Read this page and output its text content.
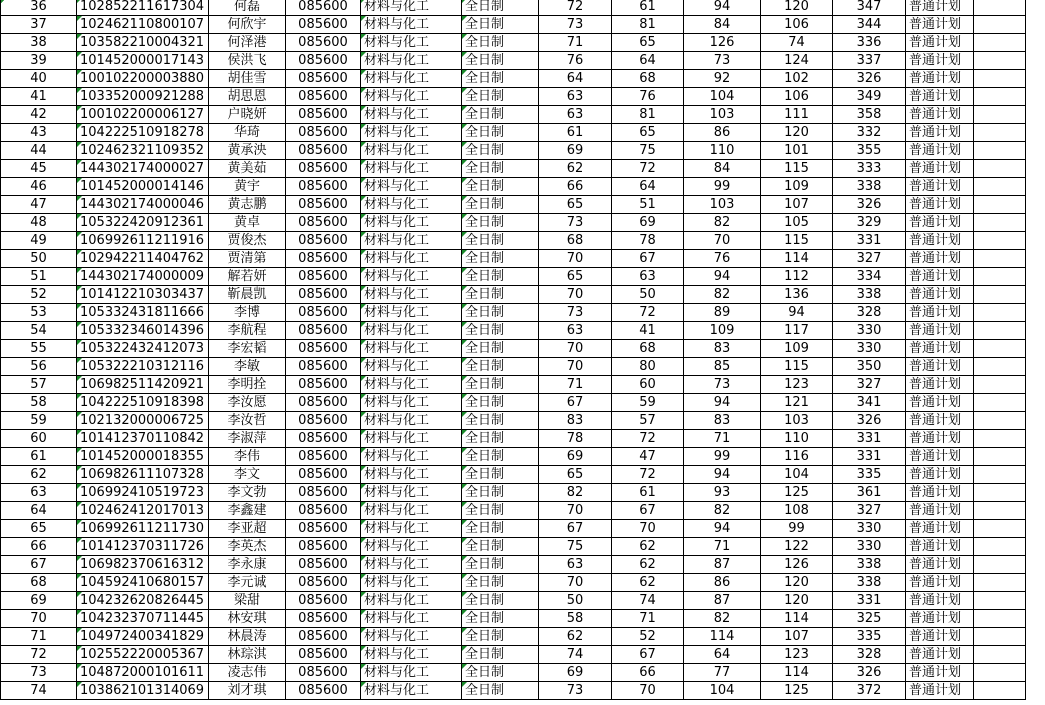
36	102852211617304	何磊	085600	材料与化工	全日制	72	61	94	120	347	普通计划	
37	102462110800107	何欣宇	085600	材料与化工	全日制	73	81	84	106	344	普通计划	
38	103582210004321	何泽港	085600	材料与化工	全日制	71	65	126	74	336	普通计划	
39	101452000017143	侯洪飞	085600	材料与化工	全日制	76	64	73	124	337	普通计划	
40	100102200003880	胡佳雪	085600	材料与化工	全日制	64	68	92	102	326	普通计划	
41	103352000921288	胡思恩	085600	材料与化工	全日制	63	76	104	106	349	普通计划	
42	100102200006127	户晓妍	085600	材料与化工	全日制	63	81	103	111	358	普通计划	
43	104222510918278	华琦	085600	材料与化工	全日制	61	65	86	120	332	普通计划	
44	102462321109352	黄承泱	085600	材料与化工	全日制	69	75	110	101	355	普通计划	
45	144302174000027	黄美茹	085600	材料与化工	全日制	62	72	84	115	333	普通计划	
46	101452000014146	黄宇	085600	材料与化工	全日制	66	64	99	109	338	普通计划	
47	144302174000046	黄志鹏	085600	材料与化工	全日制	65	51	103	107	326	普通计划	
48	105322420912361	黄卓	085600	材料与化工	全日制	73	69	82	105	329	普通计划	
49	106992611211916	贾俊杰	085600	材料与化工	全日制	68	78	70	115	331	普通计划	
50	102942211404762	贾清第	085600	材料与化工	全日制	70	67	76	114	327	普通计划	
51	144302174000009	解若妍	085600	材料与化工	全日制	65	63	94	112	334	普通计划	
52	101412210303437	靳晨凯	085600	材料与化工	全日制	70	50	82	136	338	普通计划	
53	105332431811666	李博	085600	材料与化工	全日制	73	72	89	94	328	普通计划	
54	105332346014396	李航程	085600	材料与化工	全日制	63	41	109	117	330	普通计划	
55	105322432412073	李宏韬	085600	材料与化工	全日制	70	68	83	109	330	普通计划	
56	105322210312116	李敏	085600	材料与化工	全日制	70	80	85	115	350	普通计划	
57	106982511420921	李明拴	085600	材料与化工	全日制	71	60	73	123	327	普通计划	
58	104222510918398	李汝愿	085600	材料与化工	全日制	67	59	94	121	341	普通计划	
59	102132000006725	李汝哲	085600	材料与化工	全日制	83	57	83	103	326	普通计划	
60	101412370110842	李淑萍	085600	材料与化工	全日制	78	72	71	110	331	普通计划	
61	101452000018355	李伟	085600	材料与化工	全日制	69	47	99	116	331	普通计划	
62	106982611107328	李文	085600	材料与化工	全日制	65	72	94	104	335	普通计划	
63	106992410519723	李文勃	085600	材料与化工	全日制	82	61	93	125	361	普通计划	
64	102462412017013	李鑫建	085600	材料与化工	全日制	70	67	82	108	327	普通计划	
65	106992611211730	李亚超	085600	材料与化工	全日制	67	70	94	99	330	普通计划	
66	101412370311726	李英杰	085600	材料与化工	全日制	75	62	71	122	330	普通计划	
67	106982370616312	李永康	085600	材料与化工	全日制	63	62	87	126	338	普通计划	
68	104592410680157	李元诚	085600	材料与化工	全日制	70	62	86	120	338	普通计划	
69	104232620826445	梁甜	085600	材料与化工	全日制	50	74	87	120	331	普通计划	
70	104232370711445	林安琪	085600	材料与化工	全日制	58	71	82	114	325	普通计划	
71	104972400341829	林晨涛	085600	材料与化工	全日制	62	52	114	107	335	普通计划	
72	102552220005367	林琮淇	085600	材料与化工	全日制	74	67	64	123	328	普通计划	
73	104872000101611	凌志伟	085600	材料与化工	全日制	69	66	77	114	326	普通计划	
74	103862101314069	刘才琪	085600	材料与化工	全日制	73	70	104	125	372	普通计划	
